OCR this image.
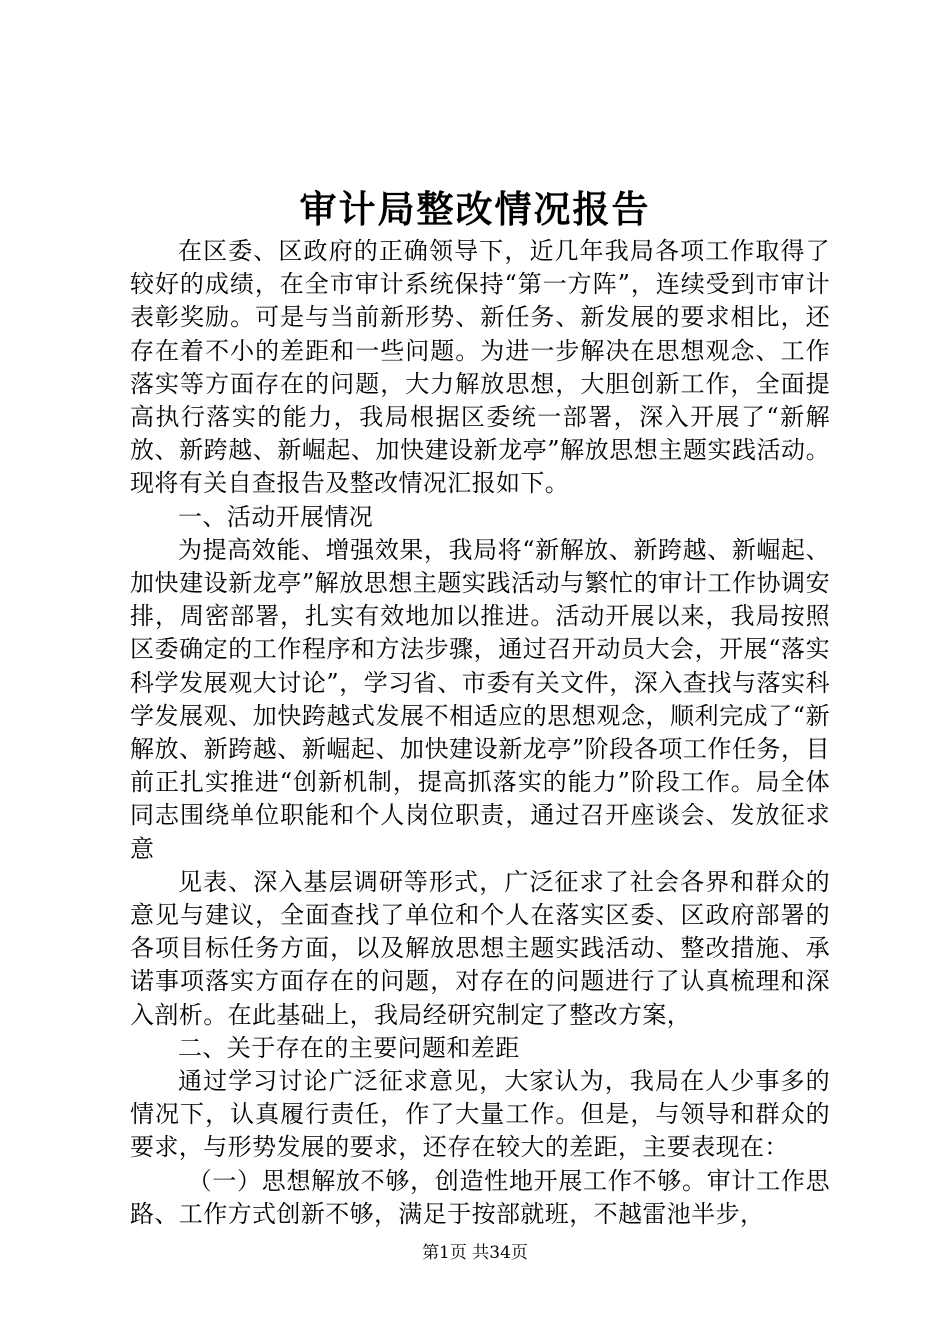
审计局整改情况报告

在区委、区政府的正确领导下，近几年我局各项工作取得了较好的成绩，在全市审计系统保持“第一方阵”，连续受到市审计表彰奖励。可是与当前新形势、新任务、新发展的要求相比，还存在着不小的差距和一些问题。为进一步解决在思想观念、工作落实等方面存在的问题，大力解放思想，大胆创新工作，全面提高执行落实的能力，我局根据区委统一部署，深入开展了“新解放、新跨越、新崛起、加快建设新龙亭”解放思想主题实践活动。现将有关自查报告及整改情况汇报如下。

一、活动开展情况

为提高效能、增强效果，我局将“新解放、新跨越、新崛起、加快建设新龙亭”解放思想主题实践活动与繁忙的审计工作协调安排，周密部署，扎实有效地加以推进。活动开展以来，我局按照区委确定的工作程序和方法步骤，通过召开动员大会，开展“落实科学发展观大讨论”，学习省、市委有关文件，深入查找与落实科学发展观、加快跨越式发展不相适应的思想观念，顺利完成了“新解放、新跨越、新崛起、加快建设新龙亭”阶段各项工作任务，目前正扎实推进“创新机制，提高抓落实的能力”阶段工作。局全体同志围绕单位职能和个人岗位职责，通过召开座谈会、发放征求意

见表、深入基层调研等形式，广泛征求了社会各界和群众的意见与建议，全面查找了单位和个人在落实区委、区政府部署的各项目标任务方面，以及解放思想主题实践活动、整改措施、承诺事项落实方面存在的问题，对存在的问题进行了认真梳理和深入剖析。在此基础上，我局经研究制定了整改方案，

二、关于存在的主要问题和差距

通过学习讨论广泛征求意见，大家认为，我局在人少事多的情况下，认真履行责任，作了大量工作。但是，与领导和群众的要求，与形势发展的要求，还存在较大的差距，主要表现在：

（一）思想解放不够，创造性地开展工作不够。审计工作思路、工作方式创新不够，满足于按部就班，不越雷池半步，

第1页 共34页
